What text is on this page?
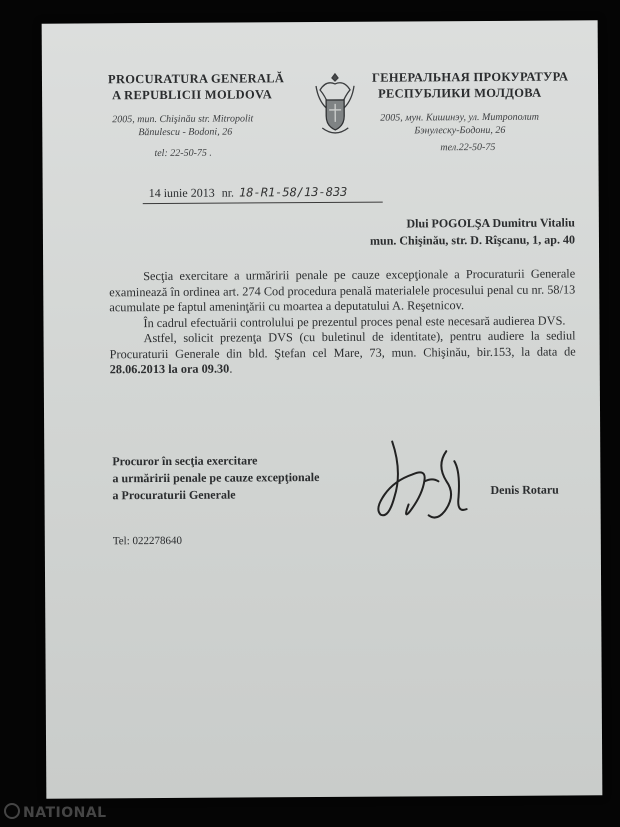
PROCURATURA GENERALĂ
A REPUBLICII MOLDOVA
2005, mun. Chişinău str. Mitropolit
Bănulescu - Bodoni, 26
tel: 22-50-75 .
ГЕНЕРАЛЬНАЯ ПРОКУРАТУРА
РЕСПУБЛИКИ МОЛДОВА
2005, мун. Кишинэу, ул. Митрополит
Бэнулеску-Бодони, 26
тел.22-50-75
14 iunie 2013 nr. 18-R1-58/13-833
Dlui POGOLŞA Dumitru Vitaliu
mun. Chişinău, str. D. Rîşcanu, 1, ap. 40

Secţia exercitare a urmăririi penale pe cauze excepţionale a Procuraturii Generale examinează în ordinea art. 274 Cod procedura penală materialele procesului penal cu nr. 58/13 acumulate pe faptul ameninţării cu moartea a deputatului A. Reşetnicov.

În cadrul efectuării controlului pe prezentul proces penal este necesară audierea DVS.

Astfel, solicit prezenţa DVS (cu buletinul de identitate), pentru audiere la sediul Procuraturii Generale din bld. Ştefan cel Mare, 73, mun. Chişinău, bir.153, la data de 28.06.2013 la ora 09.30.

Procuror în secţia exercitare
a urmăririi penale pe cauze excepţionale
a Procuraturii Generale	Denis Rotaru
Tel: 022278640
NATIONAL
